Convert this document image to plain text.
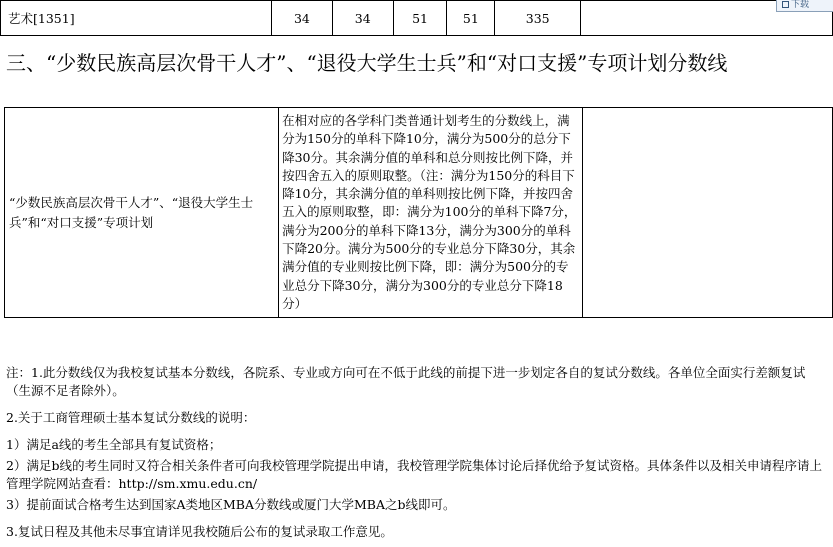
艺术[1351]	34	34	51	51	335	
下载
三、“少数民族高层次骨干人才”、“退役大学生士兵”和“对口支援”专项计划分数线
“少数民族高层次骨干人才”、“退役大学生士兵”和“对口支援”专项计划	在相对应的各学科门类普通计划考生的分数线上，满分为150分的单科下降10分，满分为500分的总分下降30分。其余满分值的单科和总分则按比例下降，并按四舍五入的原则取整。（注：满分为150分的科目下降10分，其余满分值的单科则按比例下降，并按四舍五入的原则取整，即：满分为100分的单科下降7分，满分为200分的单科下降13分，满分为300分的单科下降20分。满分为500分的专业总分下降30分，其余满分值的专业则按比例下降，即：满分为500分的专业总分下降30分，满分为300分的专业总分下降18分）	

注：1.此分数线仅为我校复试基本分数线，各院系、专业或方向可在不低于此线的前提下进一步划定各自的复试分数线。各单位全面实行差额复试（生源不足者除外）。

2.关于工商管理硕士基本复试分数线的说明：

1）满足a线的考生全部具有复试资格；

2）满足b线的考生同时又符合相关条件者可向我校管理学院提出申请，我校管理学院集体讨论后择优给予复试资格。具体条件以及相关申请程序请上管理学院网站查看：http://sm.xmu.edu.cn/

3）提前面试合格考生达到国家A类地区MBA分数线或厦门大学MBA之b线即可。

3.复试日程及其他未尽事宜请详见我校随后公布的复试录取工作意见。
